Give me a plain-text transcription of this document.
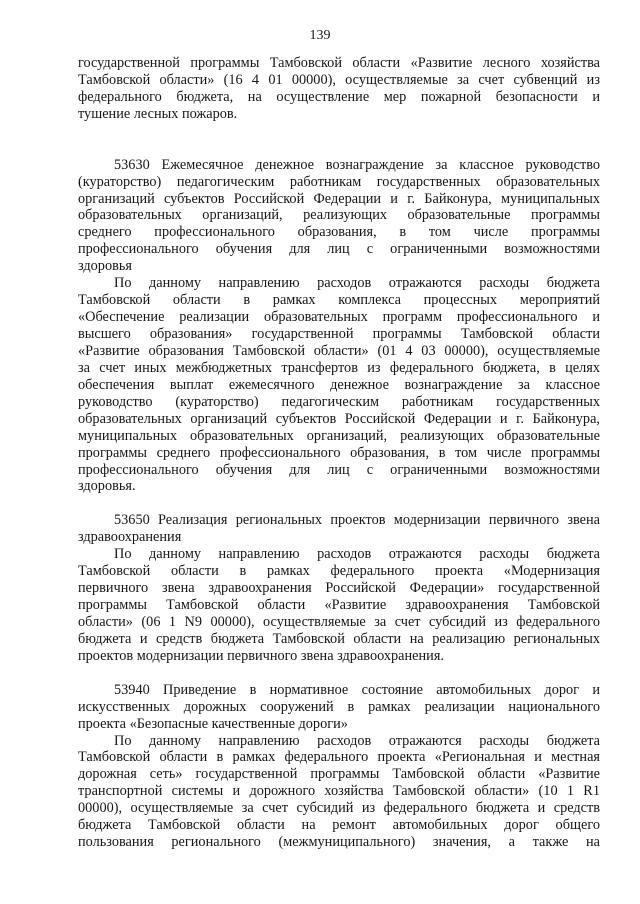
139
государственной программы Тамбовской области «Развитие лесного хозяйства
Тамбовской области» (16 4 01 00000), осуществляемые за счет субвенций из
федерального бюджета, на осуществление мер пожарной безопасности и
тушение лесных пожаров.
53630 Ежемесячное денежное вознаграждение за классное руководство
(кураторство) педагогическим работникам государственных образовательных
организаций субъектов Российской Федерации и г. Байконура, муниципальных
образовательных организаций, реализующих образовательные программы
среднего профессионального образования, в том числе программы
профессионального обучения для лиц с ограниченными возможностями
здоровья
По данному направлению расходов отражаются расходы бюджета
Тамбовской области в рамках комплекса процессных мероприятий
«Обеспечение реализации образовательных программ профессионального и
высшего образования» государственной программы Тамбовской области
«Развитие образования Тамбовской области» (01 4 03 00000), осуществляемые
за счет иных межбюджетных трансфертов из федерального бюджета, в целях
обеспечения выплат ежемесячного денежное вознаграждение за классное
руководство (кураторство) педагогическим работникам государственных
образовательных организаций субъектов Российской Федерации и г. Байконура,
муниципальных образовательных организаций, реализующих образовательные
программы среднего профессионального образования, в том числе программы
профессионального обучения для лиц с ограниченными возможностями
здоровья.
53650 Реализация региональных проектов модернизации первичного звена
здравоохранения
По данному направлению расходов отражаются расходы бюджета
Тамбовской области в рамках федерального проекта «Модернизация
первичного звена здравоохранения Российской Федерации» государственной
программы Тамбовской области «Развитие здравоохранения Тамбовской
области» (06 1 N9 00000), осуществляемые за счет субсидий из федерального
бюджета и средств бюджета Тамбовской области на реализацию региональных
проектов модернизации первичного звена здравоохранения.
53940 Приведение в нормативное состояние автомобильных дорог и
искусственных дорожных сооружений в рамках реализации национального
проекта «Безопасные качественные дороги»
По данному направлению расходов отражаются расходы бюджета
Тамбовской области в рамках федерального проекта «Региональная и местная
дорожная сеть» государственной программы Тамбовской области «Развитие
транспортной системы и дорожного хозяйства Тамбовской области» (10 1 R1
00000), осуществляемые за счет субсидий из федерального бюджета и средств
бюджета Тамбовской области на ремонт автомобильных дорог общего
пользования регионального (межмуниципального) значения, а также на
